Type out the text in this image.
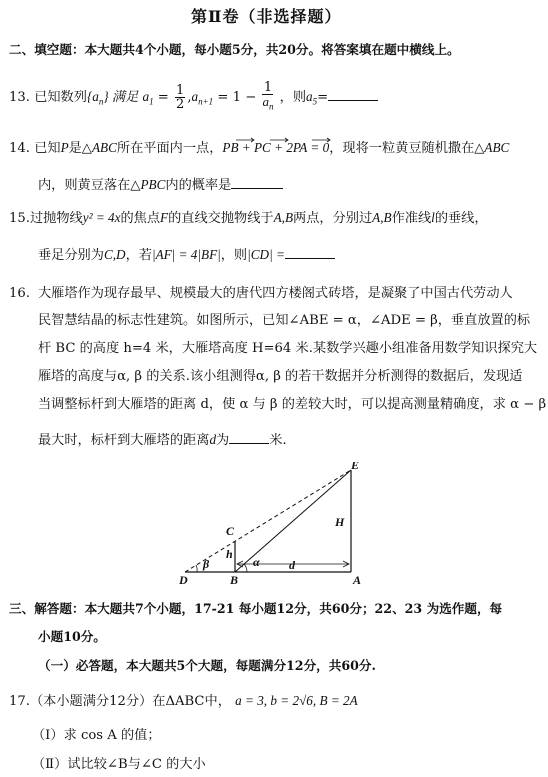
第Ⅱ卷（非选择题）
二、填空题：本大题共4个小题，每小题5分，共20分。将答案填在题中横线上。
13. 已知数列$\{a_n\}$ 满足 $a_1 = \frac{1}{2} ,a_{n+1} = 1 - \frac{1}{a_n}$ ，则$a_5=$
14. 已知P是△ABC所在平面内一点，PB + PC + 2PA = 0，现将一粒黄豆随机撒在△ABC
内，则黄豆落在△PBC内的概率是
15.过抛物线y² = 4x的焦点F的直线交抛物线于A,B两点，分别过A,B作准线l的垂线，
垂足分别为C,D，若|AF| = 4|BF|，则|CD| =
16. 大雁塔作为现存最早、规模最大的唐代四方楼阁式砖塔，是凝聚了中国古代劳动人
民智慧结晶的标志性建筑。如图所示，已知∠ABE = α，∠ADE = β，垂直放置的标
杆 BC 的高度 h=4 米，大雁塔高度 H=64 米.某数学兴趣小组准备用数学知识探究大
雁塔的高度与α, β 的关系.该小组测得α, β 的若干数据并分析测得的数据后，发现适
当调整标杆到大雁塔的距离 d，使 α 与 β 的差较大时，可以提高测量精确度，求 α − β
最大时，标杆到大雁塔的距离d为	米.
E
H
C
h
β	α
D	B
d
A
三、解答题：本大题共7个小题，17-21 每小题12分，共60分；22、23 为选作题，每
小题10分。
（一）必答题，本大题共5个大题，每题满分12分，共60分.
17.（本小题满分12分）在ΔABC中， a = 3, b = 2√6, B = 2A
（Ⅰ）求 cos A 的值；
（Ⅱ）试比较∠B与∠C 的大小
